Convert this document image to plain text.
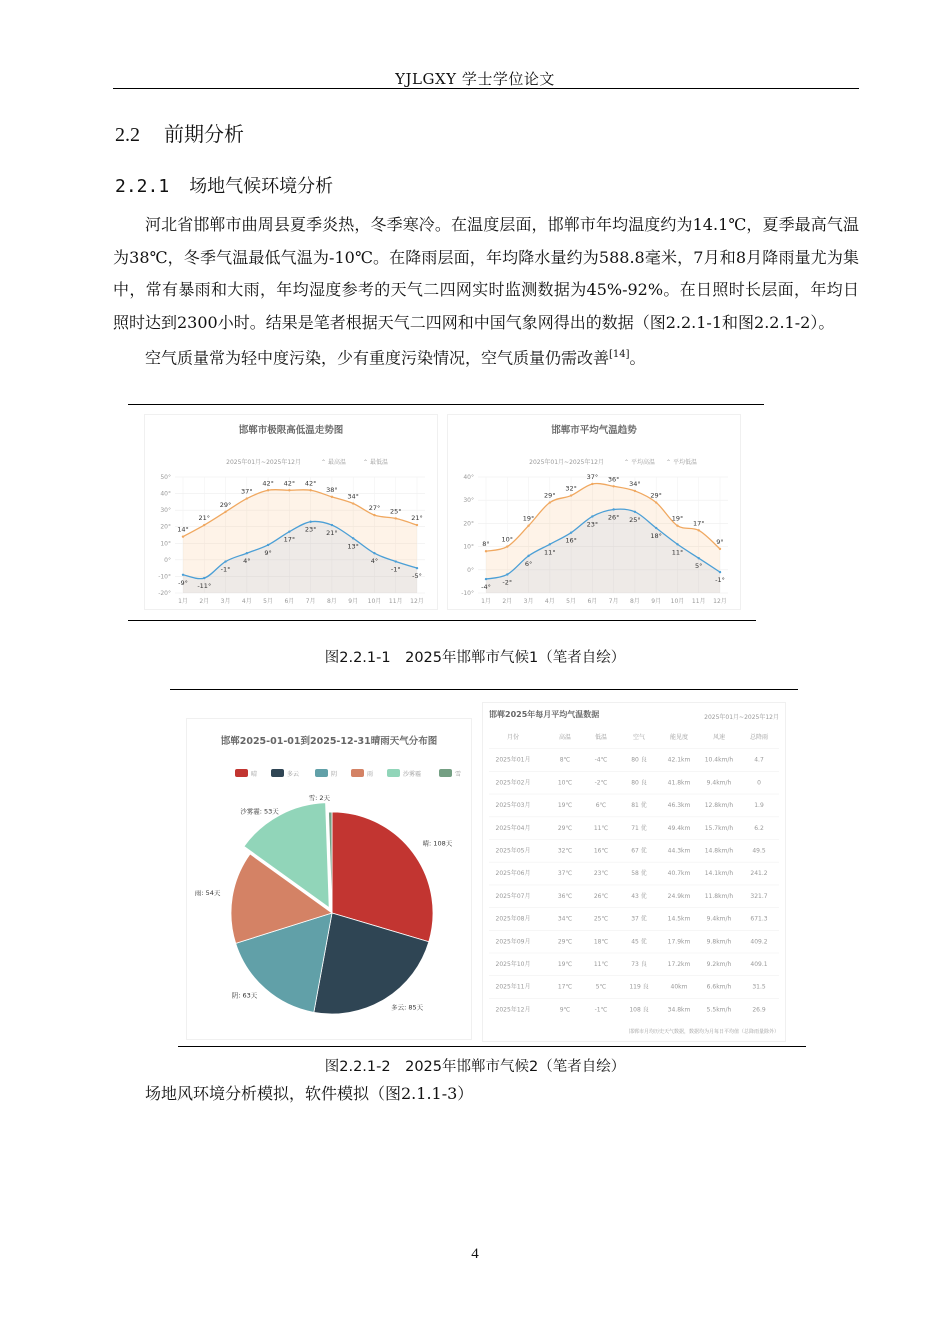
YJLGXY 学士学位论文
2.2 前期分析
2.2.1 场地气候环境分析

河北省邯郸市曲周县夏季炎热，冬季寒冷。在温度层面，邯郸市年均温度约为14.1℃，夏季最高气温为38℃，冬季气温最低气温为-10℃。在降雨层面，年均降水量约为588.8毫米，7月和8月降雨量尤为集中，常有暴雨和大雨，年均湿度参考的天气二四网实时监测数据为45%-92%。在日照时长层面，年均日照时达到2300小时。结果是笔者根据天气二四网和中国气象网得出的数据（图2.2.1-1和图2.2.1-2）。

空气质量常为轻中度污染，少有重度污染情况，空气质量仍需改善[14]。

邯郸市极限高低温走势图
2025年01月~2025年12月	⌃ 最高温	⌃ 最低温
50°
40°
30°
20°
10°
0°
-10°
-20°
1月 2月 3月 4月 5月 6月 7月 8月 9月 10月 11月 12月
14°
21°
29°
37°
42° 42° 42°
38°
34°
27° 25°
21°
-9° -11°
-1°
4°
9°
17°
23° 21°
13°
4°
-1°
-5°
邯郸市平均气温趋势
2025年01月~2025年12月	⌃ 平均高温 ⌃ 平均低温
40°
30°
20°
10°
0°
-10°
1月 2月 3月 4月 5月 6月 7月 8月 9月 10月 11月 12月
8°
10°
19°
29°
32°
37° 36°
34°
29°
19°
17°
9°
-4°
-2°
6°
11°
16°
23°
26° 25°
18°
11°
5°
-1°
图2.2.1-1　2025年邯郸市气候1（笔者自绘）
邯郸2025-01-01到2025-12-31晴雨天气分布图
晴	多云	阴	雨	沙雾霾	雪
晴: 108天
多云: 85天
阴: 63天
雨: 54天
沙雾霾: 53天
雪: 2天
邯郸2025年每月平均气温数据	2025年01月~2025年12月
月份	高温	低温	空气	能见度	风速	总降雨
2025年01月	8℃	-4℃	80 良	42.1km 10.4km/h	4.7
2025年02月	10℃	-2℃	80 良	41.8km	9.4km/h	0
2025年03月	19℃	6℃	81 优	46.3km 12.8km/h	1.9
2025年04月	29℃	11℃	71 优	49.4km 15.7km/h	6.2
2025年05月	32℃	16℃	67 优	44.3km 14.8km/h	49.5
2025年06月	37℃	23℃	58 优	40.7km 14.1km/h	241.2
2025年07月	36℃	26℃	43 优	24.9km 11.8km/h	321.7
2025年08月	34℃	25℃	37 优	14.5km	9.4km/h	671.3
2025年09月	29℃	18℃	45 优	17.9km	9.8km/h	409.2
2025年10月	19℃	11℃	73 良	17.2km	9.2km/h	409.1
2025年11月	17℃	5℃	119 良	40km	6.6km/h	31.5
2025年12月	9℃	-1℃	108 良	34.8km	5.5km/h	26.9
邯郸市月均历史天气数据，数据均为月每日平均值（总降雨量除外）
图2.2.1-2　2025年邯郸市气候2（笔者自绘）

场地风环境分析模拟，软件模拟（图2.1.1-3）

4
